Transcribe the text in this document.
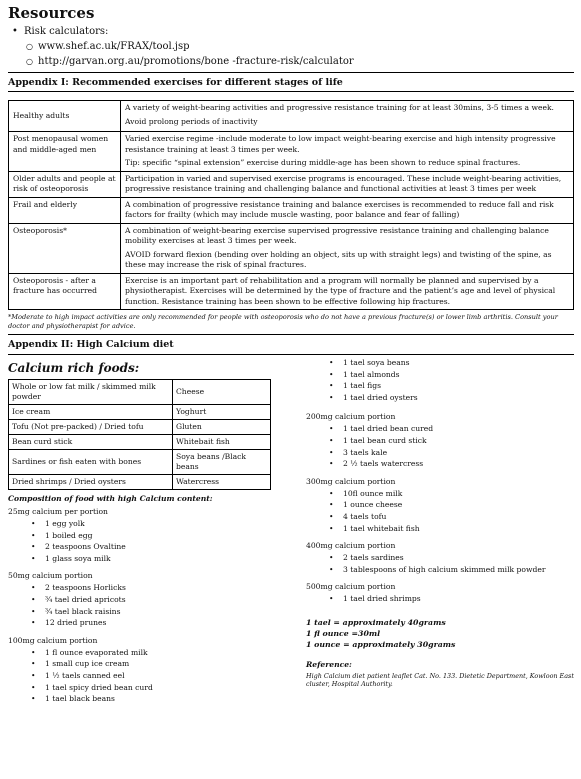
Resources
• Risk calculators:
○ www.shef.ac.uk/FRAX/tool.jsp
○ http://garvan.org.au/promotions/bone -fracture-risk/calculator
Appendix I: Recommended exercises for different stages of life
Healthy adults	A variety of weight-bearing activities and progressive resistance training for at least 30mins, 3-5 times a week.

Avoid prolong periods of inactivity

Post menopausal women and middle-aged men	Varied exercise regime -include moderate to low impact weight-bearing exercise and high intensity progressive resistance training at least 3 times per week.

Tip: specific “spinal extension” exercise during middle-age has been shown to reduce spinal fractures.

Older adults and people at risk of osteoporosis	Participation in varied and supervised exercise programs is encouraged. These include weight-bearing activities, progressive resistance training and challenging balance and functional activities at least 3 times per week

Frail and elderly	A combination of progressive resistance training and balance exercises is recommended to reduce fall and risk factors for frailty (which may include muscle wasting, poor balance and fear of falling)

Osteoporosis*	A combination of weight-bearing exercise supervised progressive resistance training and challenging balance mobility exercises at least 3 times per week.

AVOID forward flexion (bending over holding an object, sits up with straight legs) and twisting of the spine, as these may increase the risk of spinal fractures.

Osteoporosis - after a fracture has occurred	Exercise is an important part of rehabilitation and a program will normally be planned and supervised by a physiotherapist. Exercises will be determined by the type of fracture and the patient’s age and level of physical function. Resistance training has been shown to be effective following hip fractures.

*Moderate to high impact activities are only recommended for people with osteoporosis who do not have a previous fracture(s) or lower limb arthritis. Consult your doctor and physiotherapist for advice.
Appendix II: High Calcium diet
Calcium rich foods:
Whole or low fat milk / skimmed milk powder	Cheese
Ice cream	Yoghurt
Tofu (Not pre-packed) / Dried tofu	Gluten
Bean curd stick	Whitebait fish
Sardines or fish eaten with bones	Soya beans /Black beans
Dried shrimps / Dried oysters	Watercress
Composition of food with high Calcium content:
25mg calcium per portion
• 1 egg yolk
• 1 boiled egg
• 2 teaspoons Ovaltine
• 1 glass soya milk
50mg calcium portion
• 2 teaspoons Horlicks
• ¾ tael dried apricots
• ¾ tael black raisins
• 12 dried prunes
100mg calcium portion
• 1 fl ounce evaporated milk
• 1 small cup ice cream
• 1 ½ taels canned eel
• 1 tael spicy dried bean curd
• 1 tael black beans
• 1 tael soya beans
• 1 tael almonds
• 1 tael figs
• 1 tael dried oysters
200mg calcium portion
• 1 tael dried bean cured
• 1 tael bean curd stick
• 3 taels kale
• 2 ½ taels watercress
300mg calcium portion
• 10fl ounce milk
• 1 ounce cheese
• 4 taels tofu
• 1 tael whitebait fish
400mg calcium portion
• 2 taels sardines
• 3 tablespoons of high calcium skimmed milk powder
500mg calcium portion
• 1 tael dried shrimps
1 tael = approximately 40grams
1 fl ounce =30ml
1 ounce = approximately 30grams
Reference:
High Calcium diet patient leaflet Cat. No. 133. Dietetic Department, Kowloon East cluster, Hospital Authority.
